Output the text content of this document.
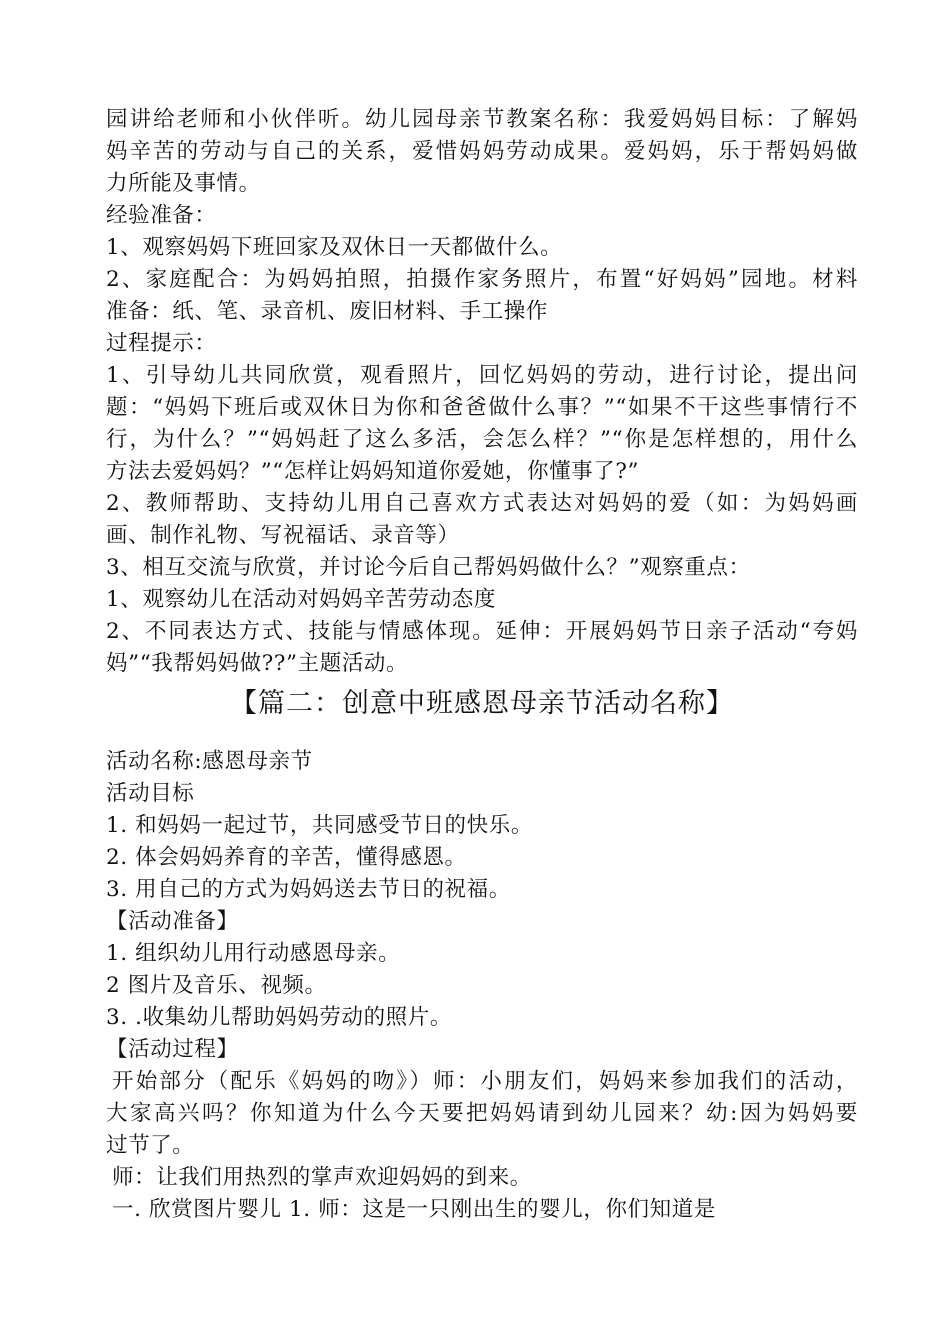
园讲给老师和小伙伴听。幼儿园母亲节教案名称：我爱妈妈目标：了解妈
妈辛苦的劳动与自己的关系，爱惜妈妈劳动成果。爱妈妈，乐于帮妈妈做
力所能及事情。
经验准备：
1、观察妈妈下班回家及双休日一天都做什么。
2、家庭配合：为妈妈拍照，拍摄作家务照片，布置“好妈妈”园地。材料
准备：纸、笔、录音机、废旧材料、手工操作
过程提示：
1、引导幼儿共同欣赏，观看照片，回忆妈妈的劳动，进行讨论，提出问
题：“妈妈下班后或双休日为你和爸爸做什么事？”“如果不干这些事情行不
行，为什么？”“妈妈赶了这么多活，会怎么样？”“你是怎样想的，用什么
方法去爱妈妈？”“怎样让妈妈知道你爱她，你懂事了?”
2、教师帮助、支持幼儿用自己喜欢方式表达对妈妈的爱（如：为妈妈画
画、制作礼物、写祝福话、录音等）
3、相互交流与欣赏，并讨论今后自己帮妈妈做什么？”观察重点：
1、观察幼儿在活动对妈妈辛苦劳动态度
2、不同表达方式、技能与情感体现。延伸：开展妈妈节日亲子活动“夸妈
妈”“我帮妈妈做??”主题活动。
【篇二：创意中班感恩母亲节活动名称】
活动名称:感恩母亲节
活动目标
1. 和妈妈一起过节，共同感受节日的快乐。
2. 体会妈妈养育的辛苦，懂得感恩。
3. 用自己的方式为妈妈送去节日的祝福。
【活动准备】
1. 组织幼儿用行动感恩母亲。
2 图片及音乐、视频。
3. .收集幼儿帮助妈妈劳动的照片。
【活动过程】
开始部分（配乐《妈妈的吻》）师：小朋友们，妈妈来参加我们的活动，
大家高兴吗？你知道为什么今天要把妈妈请到幼儿园来？幼:因为妈妈要
过节了。
师：让我们用热烈的掌声欢迎妈妈的到来。
一. 欣赏图片婴儿 1. 师：这是一只刚出生的婴儿，你们知道是
